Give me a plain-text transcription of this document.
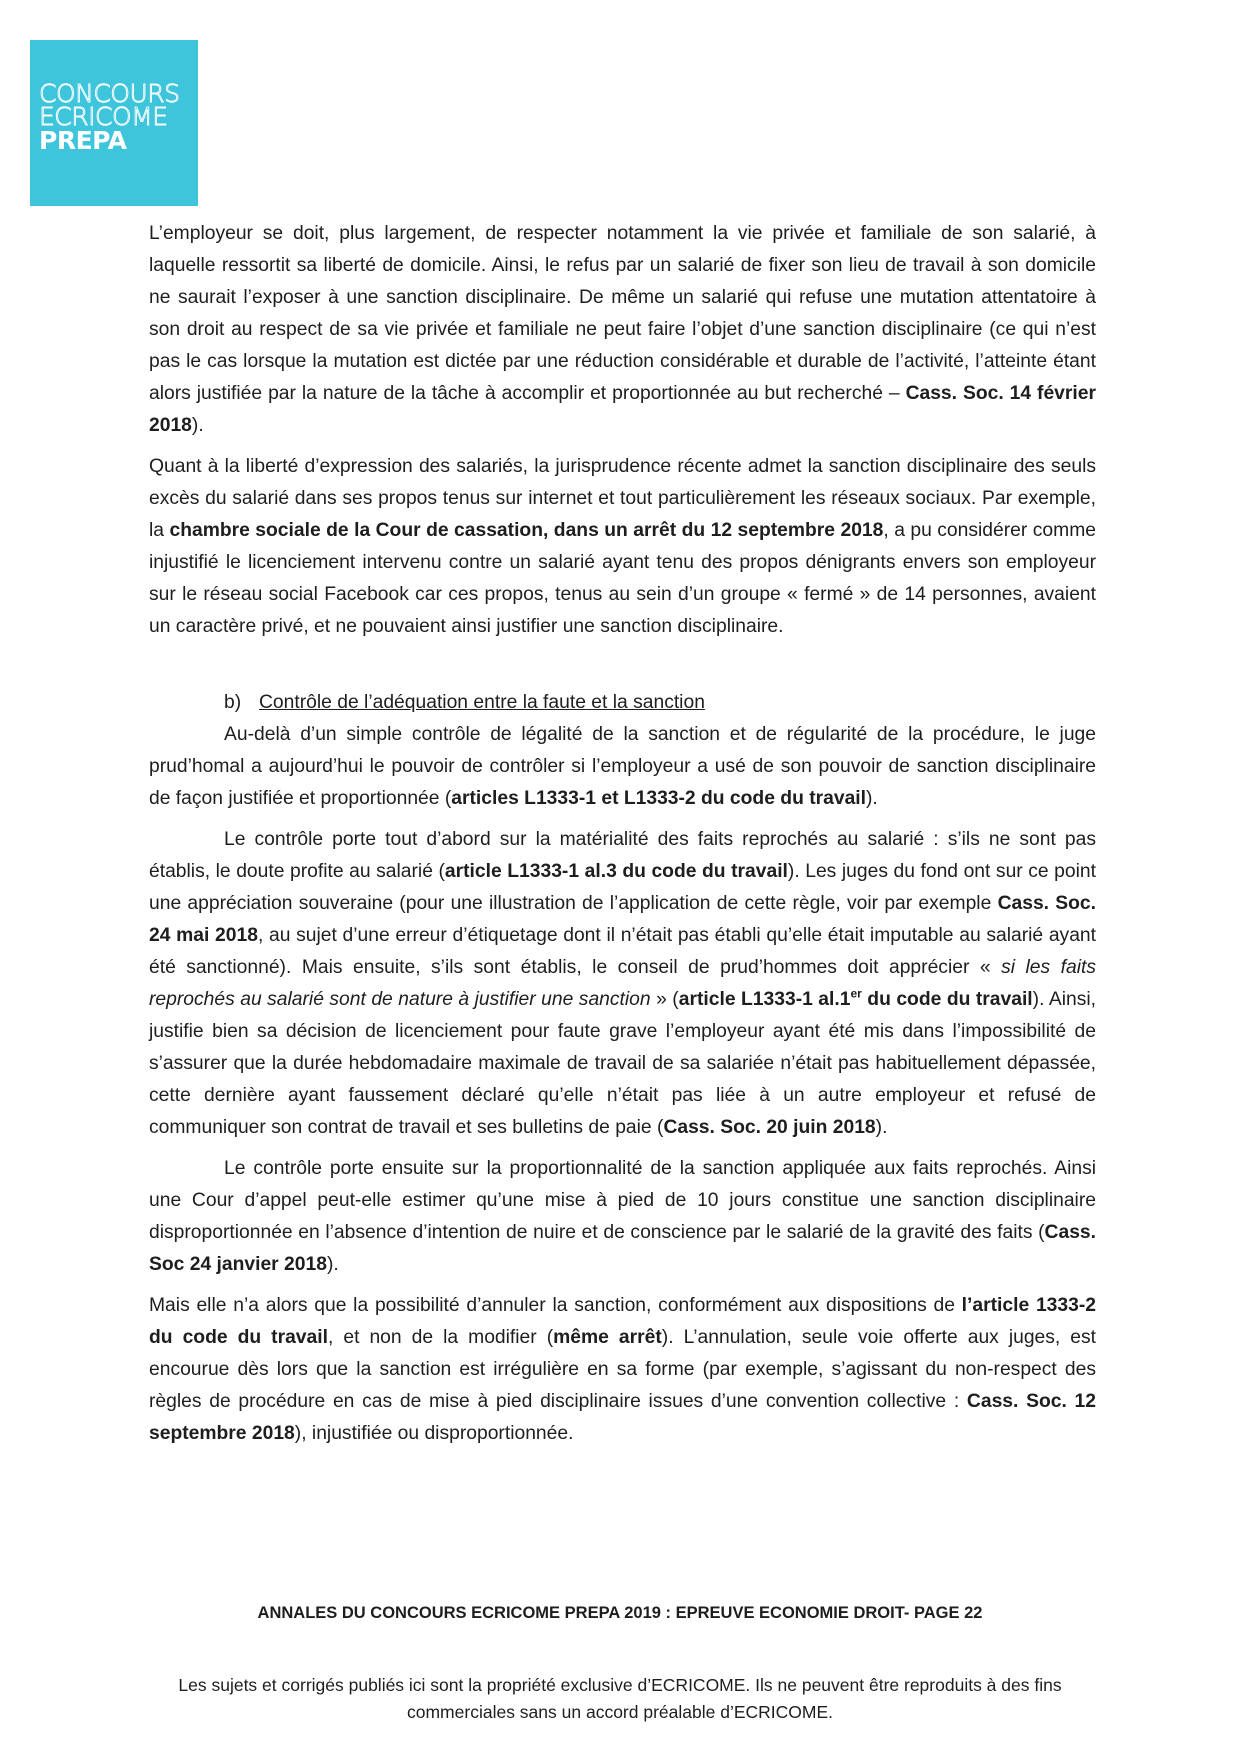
CONCOURS
ECRICOME
PREPA

L’employeur se doit, plus largement, de respecter notamment la vie privée et familiale de son salarié, à laquelle ressortit sa liberté de domicile. Ainsi, le refus par un salarié de fixer son lieu de travail à son domicile ne saurait l’exposer à une sanction disciplinaire. De même un salarié qui refuse une mutation attentatoire à son droit au respect de sa vie privée et familiale ne peut faire l’objet d’une sanction disciplinaire (ce qui n’est pas le cas lorsque la mutation est dictée par une réduction considérable et durable de l’activité, l’atteinte étant alors justifiée par la nature de la tâche à accomplir et proportionnée au but recherché – Cass. Soc. 14 février 2018).

Quant à la liberté d’expression des salariés, la jurisprudence récente admet la sanction disciplinaire des seuls excès du salarié dans ses propos tenus sur internet et tout particulièrement les réseaux sociaux. Par exemple, la chambre sociale de la Cour de cassation, dans un arrêt du 12 septembre 2018, a pu considérer comme injustifié le licenciement intervenu contre un salarié ayant tenu des propos dénigrants envers son employeur sur le réseau social Facebook car ces propos, tenus au sein d’un groupe « fermé » de 14 personnes, avaient un caractère privé, et ne pouvaient ainsi justifier une sanction disciplinaire.

b) Contrôle de l’adéquation entre la faute et la sanction

Au-delà d’un simple contrôle de légalité de la sanction et de régularité de la procédure, le juge prud’homal a aujourd’hui le pouvoir de contrôler si l’employeur a usé de son pouvoir de sanction disciplinaire de façon justifiée et proportionnée (articles L1333-1 et L1333-2 du code du travail).

Le contrôle porte tout d’abord sur la matérialité des faits reprochés au salarié : s’ils ne sont pas établis, le doute profite au salarié (article L1333-1 al.3 du code du travail). Les juges du fond ont sur ce point une appréciation souveraine (pour une illustration de l’application de cette règle, voir par exemple Cass. Soc. 24 mai 2018, au sujet d’une erreur d’étiquetage dont il n’était pas établi qu’elle était imputable au salarié ayant été sanctionné). Mais ensuite, s’ils sont établis, le conseil de prud’hommes doit apprécier « si les faits reprochés au salarié sont de nature à justifier une sanction » (article L1333-1 al.1er du code du travail). Ainsi, justifie bien sa décision de licenciement pour faute grave l’employeur ayant été mis dans l’impossibilité de s’assurer que la durée hebdomadaire maximale de travail de sa salariée n’était pas habituellement dépassée, cette dernière ayant faussement déclaré qu’elle n’était pas liée à un autre employeur et refusé de communiquer son contrat de travail et ses bulletins de paie (Cass. Soc. 20 juin 2018).

Le contrôle porte ensuite sur la proportionnalité de la sanction appliquée aux faits reprochés. Ainsi une Cour d’appel peut-elle estimer qu’une mise à pied de 10 jours constitue une sanction disciplinaire disproportionnée en l’absence d’intention de nuire et de conscience par le salarié de la gravité des faits (Cass. Soc 24 janvier 2018).

Mais elle n’a alors que la possibilité d’annuler la sanction, conformément aux dispositions de l’article 1333-2 du code du travail, et non de la modifier (même arrêt). L’annulation, seule voie offerte aux juges, est encourue dès lors que la sanction est irrégulière en sa forme (par exemple, s’agissant du non-respect des règles de procédure en cas de mise à pied disciplinaire issues d’une convention collective : Cass. Soc. 12 septembre 2018), injustifiée ou disproportionnée.

ANNALES DU CONCOURS ECRICOME PREPA 2019 : EPREUVE ECONOMIE DROIT- PAGE 22
Les sujets et corrigés publiés ici sont la propriété exclusive d’ECRICOME. Ils ne peuvent être reproduits à des fins commerciales sans un accord préalable d’ECRICOME.
